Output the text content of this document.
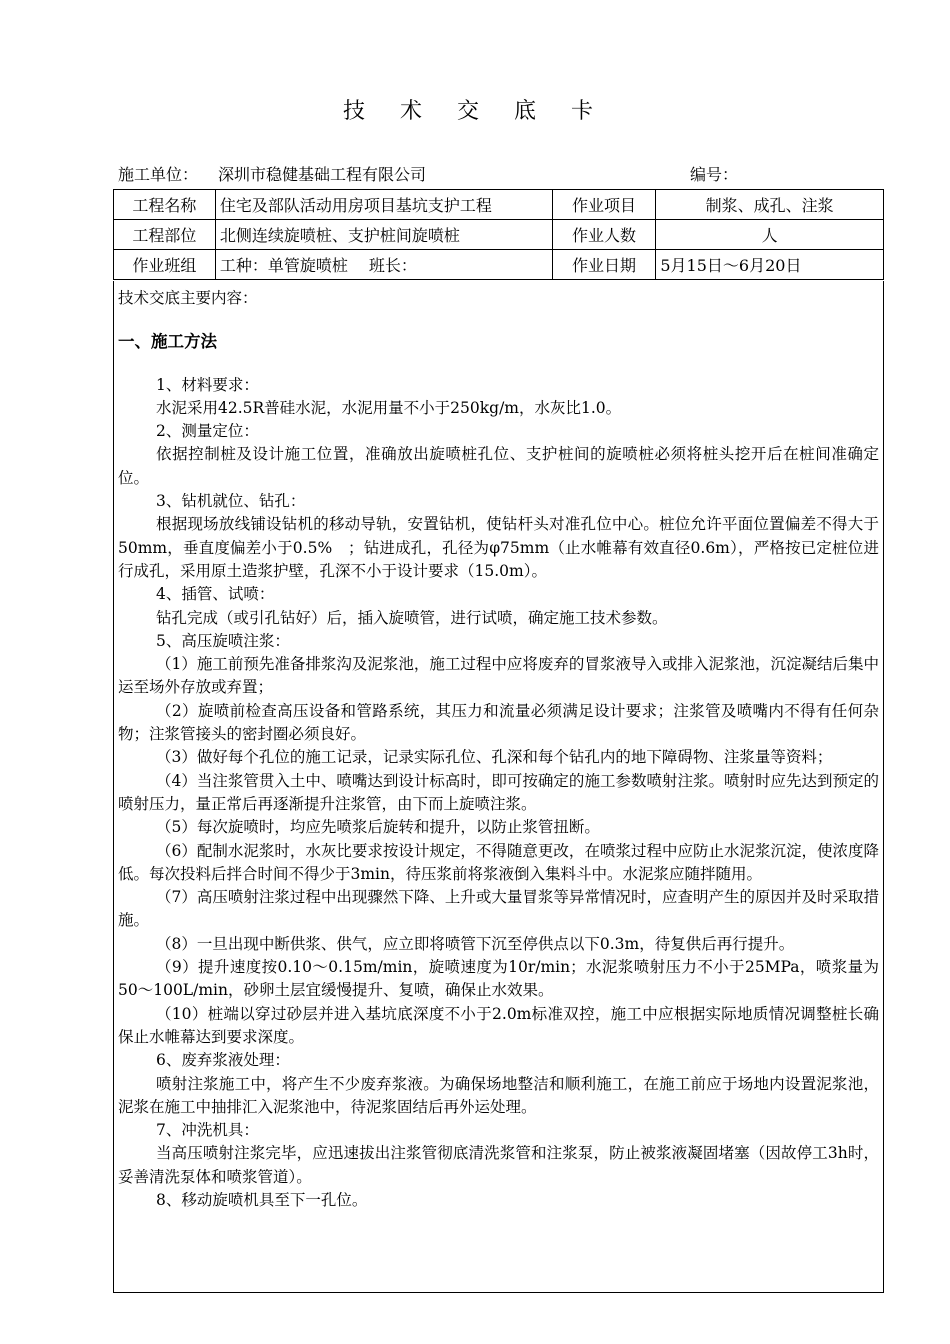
技 术 交 底 卡
施工单位： 深圳市稳健基础工程有限公司	编号：
工程名称	住宅及部队活动用房项目基坑支护工程	作业项目	制浆、成孔、注浆
工程部位	北侧连续旋喷桩、支护桩间旋喷桩	作业人数	人
作业班组	工种：单管旋喷桩　 班长：	作业日期	5月15日～6月20日

技术交底主要内容：

一、施工方法

1、材料要求：

水泥采用42.5R普硅水泥，水泥用量不小于250kg/m，水灰比1.0。

2、测量定位：

依据控制桩及设计施工位置，准确放出旋喷桩孔位、支护桩间的旋喷桩必须将桩头挖开后在桩间准确定位。

3、钻机就位、钻孔：

根据现场放线铺设钻机的移动导轨，安置钻机，使钻杆头对准孔位中心。桩位允许平面位置偏差不得大于50mm，垂直度偏差小于0.5%　；钻进成孔，孔径为φ75mm（止水帷幕有效直径0.6m），严格按已定桩位进行成孔，采用原土造浆护壁，孔深不小于设计要求（15.0m）。

4、插管、试喷：

钻孔完成（或引孔钻好）后，插入旋喷管，进行试喷，确定施工技术参数。

5、高压旋喷注浆：

（1）施工前预先准备排浆沟及泥浆池，施工过程中应将废弃的冒浆液导入或排入泥浆池，沉淀凝结后集中运至场外存放或弃置；

（2）旋喷前检查高压设备和管路系统，其压力和流量必须满足设计要求；注浆管及喷嘴内不得有任何杂物；注浆管接头的密封圈必须良好。

（3）做好每个孔位的施工记录，记录实际孔位、孔深和每个钻孔内的地下障碍物、注浆量等资料；

（4）当注浆管贯入土中、喷嘴达到设计标高时，即可按确定的施工参数喷射注浆。喷射时应先达到预定的喷射压力，量正常后再逐渐提升注浆管，由下而上旋喷注浆。

（5）每次旋喷时，均应先喷浆后旋转和提升，以防止浆管扭断。

（6）配制水泥浆时，水灰比要求按设计规定，不得随意更改，在喷浆过程中应防止水泥浆沉淀，使浓度降低。每次投料后拌合时间不得少于3min，待压浆前将浆液倒入集料斗中。水泥浆应随拌随用。

（7）高压喷射注浆过程中出现骤然下降、上升或大量冒浆等异常情况时，应查明产生的原因并及时采取措施。

（8）一旦出现中断供浆、供气，应立即将喷管下沉至停供点以下0.3m，待复供后再行提升。

（9）提升速度按0.10～0.15m/min，旋喷速度为10r/min；水泥浆喷射压力不小于25MPa，喷浆量为50～100L/min，砂卵土层宜缓慢提升、复喷，确保止水效果。

（10）桩端以穿过砂层并进入基坑底深度不小于2.0m标准双控，施工中应根据实际地质情况调整桩长确保止水帷幕达到要求深度。

6、废弃浆液处理：

喷射注浆施工中，将产生不少废弃浆液。为确保场地整洁和顺利施工，在施工前应于场地内设置泥浆池，泥浆在施工中抽排汇入泥浆池中，待泥浆固结后再外运处理。

7、冲洗机具：

当高压喷射注浆完毕，应迅速拔出注浆管彻底清洗浆管和注浆泵，防止被浆液凝固堵塞（因故停工3h时，妥善清洗泵体和喷浆管道）。

8、移动旋喷机具至下一孔位。
